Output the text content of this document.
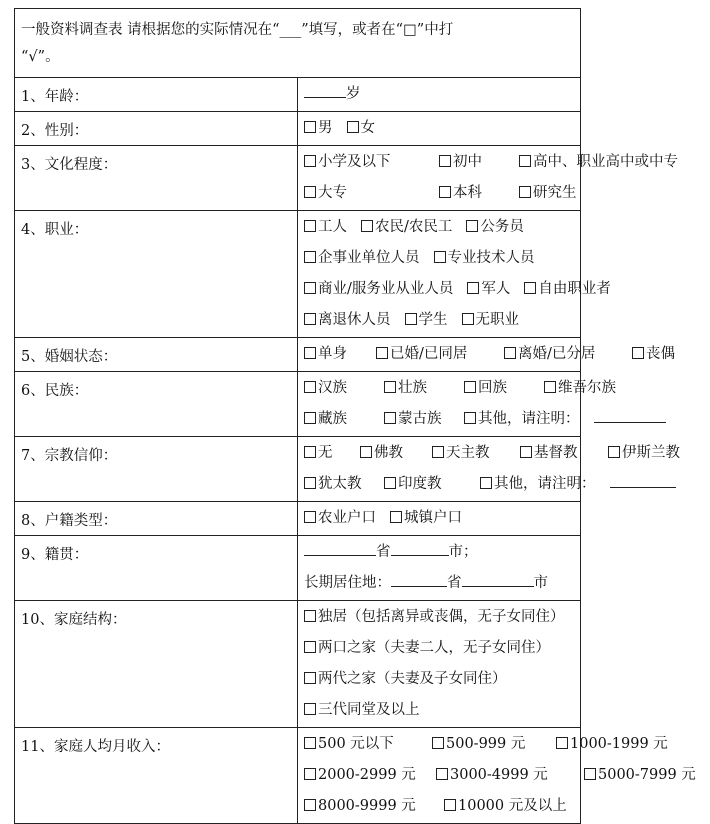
一般资料调查表 请根据您的实际情况在“___”填写，或者在“□”中打
“√”。	

1、年龄：	岁

2、性别：	男 女

3、文化程度：	小学及以下 初中 高中、职业高中或中专
大专 本科 研究生

4、职业：	工人 农民/农民工 公务员
企事业单位人员 专业技术人员
商业/服务业从业人员 军人 自由职业者
离退休人员 学生 无职业

5、婚姻状态：	单身 已婚/已同居 离婚/已分居 丧偶

6、民族：	汉族 壮族 回族 维吾尔族
藏族 蒙古族 其他，请注明：

7、宗教信仰：	无 佛教 天主教 基督教 伊斯兰教
犹太教 印度教 其他，请注明：

8、户籍类型：	农业户口 城镇户口

9、籍贯：	省 市；
长期居住地： 省 市

10、家庭结构：	独居（包括离异或丧偶，无子女同住）
两口之家（夫妻二人，无子女同住）
两代之家（夫妻及子女同住）
三代同堂及以上

11、家庭人均月收入：	500 元以下 500-999 元 1000-1999 元
2000-2999 元 3000-4999 元 5000-7999 元
8000-9999 元 10000 元及以上
